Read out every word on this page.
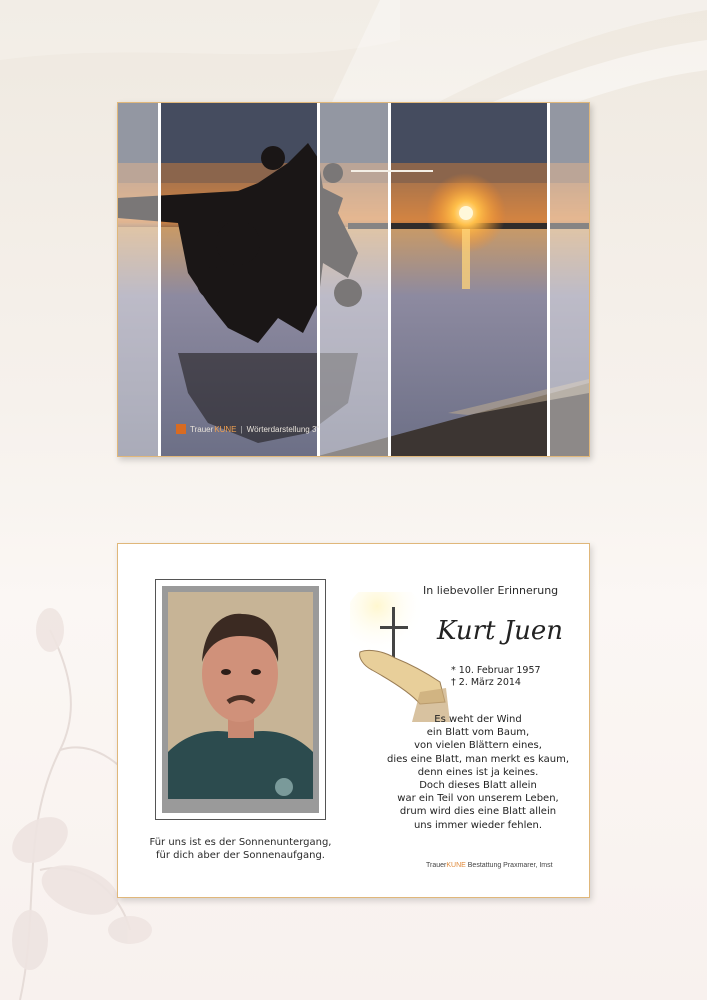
Trauer KUNE | Wörterdarstellung 3"
Für uns ist es der Sonnenuntergang,
für dich aber der Sonnenaufgang.
In liebevoller Erinnerung
Kurt Juen
* 10. Februar 1957
† 2. März 2014
Es weht der Wind
ein Blatt vom Baum,
von vielen Blättern eines,
dies eine Blatt, man merkt es kaum,
denn eines ist ja keines.
Doch dieses Blatt allein
war ein Teil von unserem Leben,
drum wird dies eine Blatt allein
uns immer wieder fehlen.
TrauerKUNE Bestattung Praxmarer, Imst
